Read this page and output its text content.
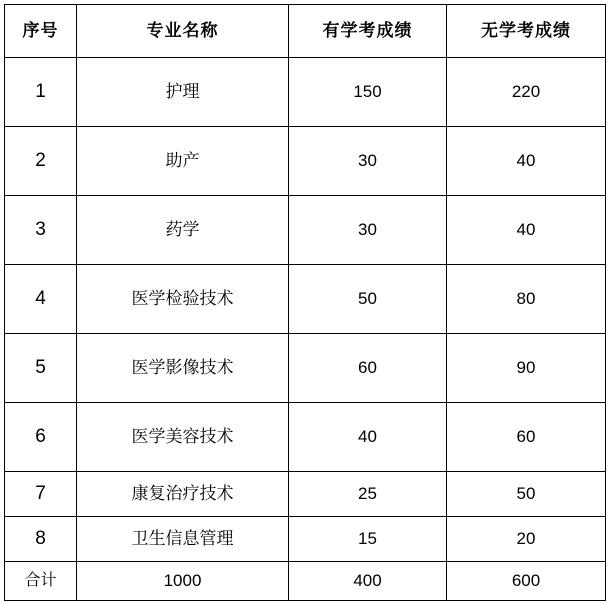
序号	专业名称	有学考成绩	无学考成绩

1	护理	150	220

2	助产	30	40

3	药学	30	40

4	医学检验技术	50	80

5	医学影像技术	60	90

6	医学美容技术	40	60

7	康复治疗技术	25	50

8	卫生信息管理	15	20

合计	1000	400	600
